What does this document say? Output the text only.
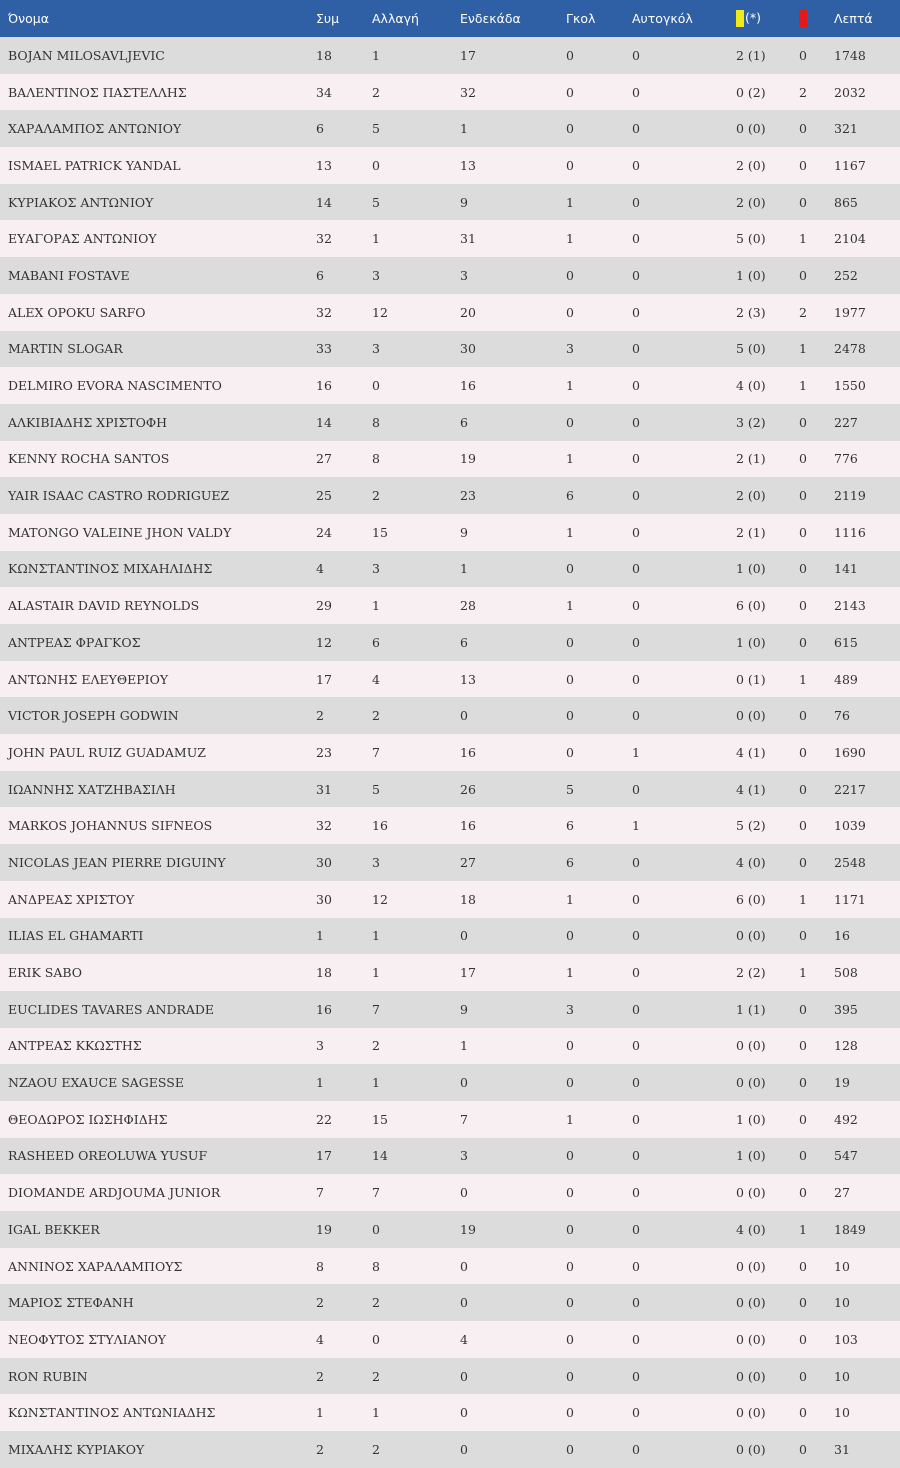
Όνομα	Συμ	Αλλαγή	Ενδεκάδα	Γκολ	Αυτογκόλ	(*)		Λεπτά
BOJAN MILOSAVLJEVIC	18	1	17	0	0	2 (1)	0	1748
ΒΑΛΕΝΤΙΝΟΣ ΠΑΣΤΕΛΛΗΣ	34	2	32	0	0	0 (2)	2	2032
ΧΑΡΑΛΑΜΠΟΣ ΑΝΤΩΝΙΟΥ	6	5	1	0	0	0 (0)	0	321
ISMAEL PATRICK YANDAL	13	0	13	0	0	2 (0)	0	1167
ΚΥΡΙΑΚΟΣ ΑΝΤΩΝΙΟΥ	14	5	9	1	0	2 (0)	0	865
ΕΥΑΓΟΡΑΣ ΑΝΤΩΝΙΟΥ	32	1	31	1	0	5 (0)	1	2104
MABANI FOSTAVE	6	3	3	0	0	1 (0)	0	252
ALEX OPOKU SARFO	32	12	20	0	0	2 (3)	2	1977
MARTIN SLOGAR	33	3	30	3	0	5 (0)	1	2478
DELMIRO EVORA NASCIMENTO	16	0	16	1	0	4 (0)	1	1550
ΑΛΚΙΒΙΑΔΗΣ ΧΡΙΣΤΟΦΗ	14	8	6	0	0	3 (2)	0	227
KENNY ROCHA SANTOS	27	8	19	1	0	2 (1)	0	776
YAIR ISAAC CASTRO RODRIGUEZ	25	2	23	6	0	2 (0)	0	2119
MATONGO VALEINE JHON VALDY	24	15	9	1	0	2 (1)	0	1116
ΚΩΝΣΤΑΝΤΙΝΟΣ ΜΙΧΑΗΛΙΔΗΣ	4	3	1	0	0	1 (0)	0	141
ALASTAIR DAVID REYNOLDS	29	1	28	1	0	6 (0)	0	2143
ΑΝΤΡΕΑΣ ΦΡΑΓΚΟΣ	12	6	6	0	0	1 (0)	0	615
ΑΝΤΩΝΗΣ ΕΛΕΥΘΕΡΙΟΥ	17	4	13	0	0	0 (1)	1	489
VICTOR JOSEPH GODWIN	2	2	0	0	0	0 (0)	0	76
JOHN PAUL RUIZ GUADAMUZ	23	7	16	0	1	4 (1)	0	1690
ΙΩΑΝΝΗΣ ΧΑΤΖΗΒΑΣΙΛΗ	31	5	26	5	0	4 (1)	0	2217
MARKOS JOHANNUS SIFNEOS	32	16	16	6	1	5 (2)	0	1039
NICOLAS JEAN PIERRE DIGUINY	30	3	27	6	0	4 (0)	0	2548
ΑΝΔΡΕΑΣ ΧΡΙΣΤΟΥ	30	12	18	1	0	6 (0)	1	1171
ILIAS EL GHAMARTI	1	1	0	0	0	0 (0)	0	16
ERIK SABO	18	1	17	1	0	2 (2)	1	508
EUCLIDES TAVARES ANDRADE	16	7	9	3	0	1 (1)	0	395
ΑΝΤΡΕΑΣ ΚΚΩΣΤΗΣ	3	2	1	0	0	0 (0)	0	128
NZAOU EXAUCE SAGESSE	1	1	0	0	0	0 (0)	0	19
ΘΕΟΔΩΡΟΣ ΙΩΣΗΦΙΔΗΣ	22	15	7	1	0	1 (0)	0	492
RASHEED OREOLUWA YUSUF	17	14	3	0	0	1 (0)	0	547
DIOMANDE ARDJOUMA JUNIOR	7	7	0	0	0	0 (0)	0	27
IGAL BEKKER	19	0	19	0	0	4 (0)	1	1849
ΑΝΝΙΝΟΣ ΧΑΡΑΛΑΜΠΟΥΣ	8	8	0	0	0	0 (0)	0	10
ΜΑΡΙΟΣ ΣΤΕΦΑΝΗ	2	2	0	0	0	0 (0)	0	10
ΝΕΟΦΥΤΟΣ ΣΤΥΛΙΑΝΟΥ	4	0	4	0	0	0 (0)	0	103
RON RUBIN	2	2	0	0	0	0 (0)	0	10
ΚΩΝΣΤΑΝΤΙΝΟΣ ΑΝΤΩΝΙΑΔΗΣ	1	1	0	0	0	0 (0)	0	10
ΜΙΧΑΛΗΣ ΚΥΡΙΑΚΟΥ	2	2	0	0	0	0 (0)	0	31
